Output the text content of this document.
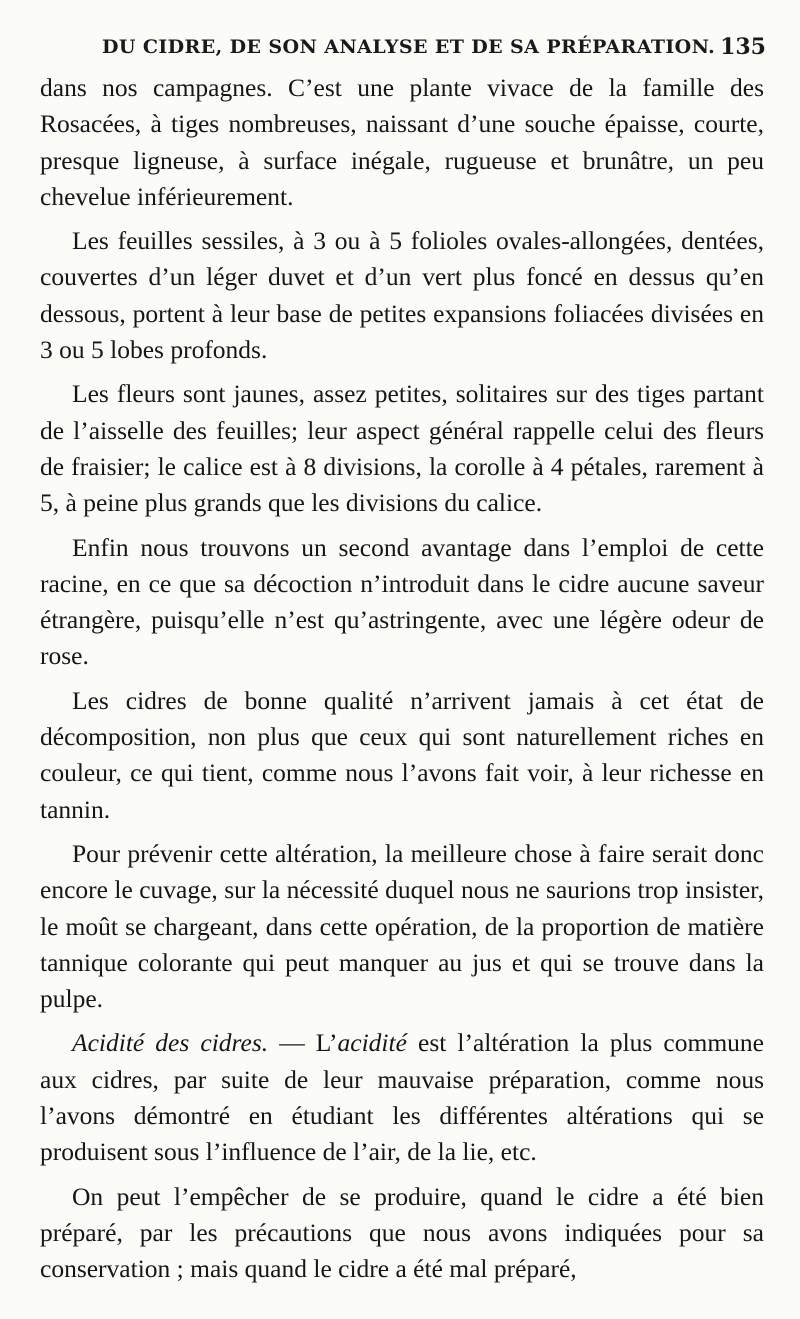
DU CIDRE, DE SON ANALYSE ET DE SA PRÉPARATION. 135

dans nos campagnes. C’est une plante vivace de la famille des Rosacées, à tiges nombreuses, naissant d’une souche épaisse, courte, presque ligneuse, à surface inégale, rugueuse et brunâtre, un peu chevelue inférieurement.

Les feuilles sessiles, à 3 ou à 5 folioles ovales-allongées, dentées, couvertes d’un léger duvet et d’un vert plus foncé en dessus qu’en dessous, portent à leur base de petites expansions foliacées divisées en 3 ou 5 lobes profonds.

Les fleurs sont jaunes, assez petites, solitaires sur des tiges partant de l’aisselle des feuilles; leur aspect général rappelle celui des fleurs de fraisier; le calice est à 8 divisions, la corolle à 4 pétales, rarement à 5, à peine plus grands que les divisions du calice.

Enfin nous trouvons un second avantage dans l’emploi de cette racine, en ce que sa décoction n’introduit dans le cidre aucune saveur étrangère, puisqu’elle n’est qu’astringente, avec une légère odeur de rose.

Les cidres de bonne qualité n’arrivent jamais à cet état de décomposition, non plus que ceux qui sont naturellement riches en couleur, ce qui tient, comme nous l’avons fait voir, à leur richesse en tannin.

Pour prévenir cette altération, la meilleure chose à faire serait donc encore le cuvage, sur la nécessité duquel nous ne saurions trop insister, le moût se chargeant, dans cette opération, de la proportion de matière tannique colorante qui peut manquer au jus et qui se trouve dans la pulpe.

Acidité des cidres. — L’acidité est l’altération la plus commune aux cidres, par suite de leur mauvaise préparation, comme nous l’avons démontré en étudiant les différentes altérations qui se produisent sous l’influence de l’air, de la lie, etc.

On peut l’empêcher de se produire, quand le cidre a été bien préparé, par les précautions que nous avons indiquées pour sa conservation ; mais quand le cidre a été mal préparé,
